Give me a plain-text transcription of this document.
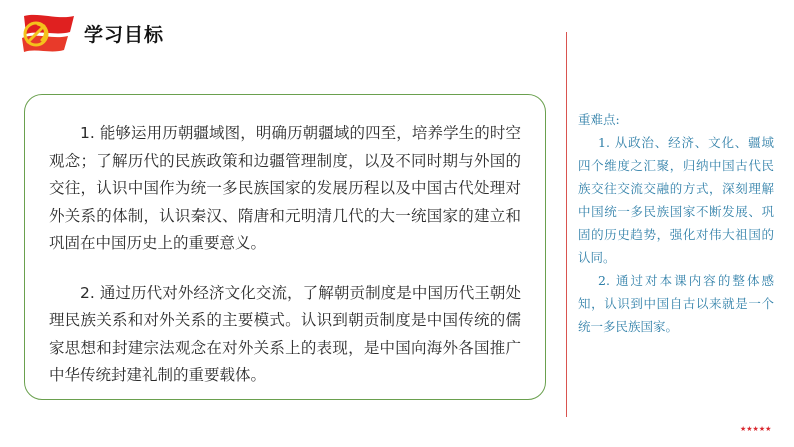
学习目标

1. 能够运用历朝疆域图，明确历朝疆域的四至，培养学生的时空观念；了解历代的民族政策和边疆管理制度，以及不同时期与外国的交往，认识中国作为统一多民族国家的发展历程以及中国古代处理对外关系的体制，认识秦汉、隋唐和元明清几代的大一统国家的建立和巩固在中国历史上的重要意义。

2. 通过历代对外经济文化交流，了解朝贡制度是中国历代王朝处理民族关系和对外关系的主要模式。认识到朝贡制度是中国传统的儒家思想和封建宗法观念在对外关系上的表现，是中国向海外各国推广中华传统封建礼制的重要载体。

重难点:

1. 从政治、经济、文化、疆域四个维度之汇聚，归纳中国古代民族交往交流交融的方式，深刻理解中国统一多民族国家不断发展、巩固的历史趋势，强化对伟大祖国的认同。

2. 通过对本课内容的整体感知，认识到中国自古以来就是一个统一多民族国家。

★★★★★
